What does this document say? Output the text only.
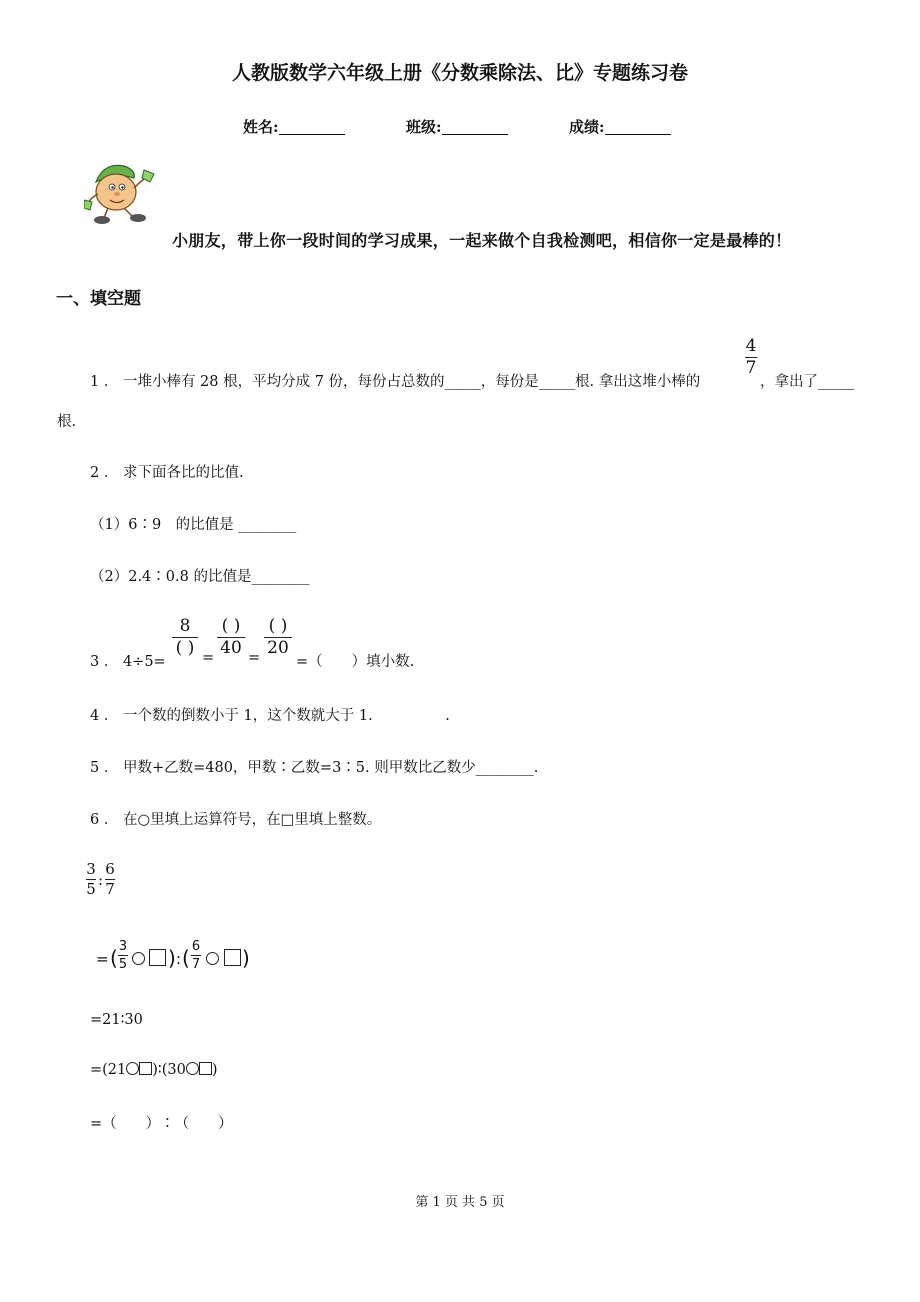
人教版数学六年级上册《分数乘除法、比》专题练习卷
姓名:	班级:	成绩:
小朋友，带上你一段时间的学习成果，一起来做个自我检测吧，相信你一定是最棒的！
一、填空题
1 ． 一堆小棒有 28 根，平均分成 7 份，每份占总数的_____，每份是_____根. 拿出这堆小棒的
4
7
，拿出了_____
根.
2 ． 求下面各比的比值.
（1）6∶9　的比值是 ________
（2）2.4∶0.8 的比值是________
3 ． 4÷5=
8
( ) =
( )
40 =
( )
20
=（　　）填小数.
4 ． 一个数的倒数小于 1，这个数就大于 1.　　　　　.
5 ． 甲数+乙数=480，甲数∶乙数=3∶5. 则甲数比乙数少________.
6 ． 在○里填上运算符号，在□里填上整数。
3
5 :
6
7
= ( 3
5 ) : ( 6
7 )
=21∶30
=(21 )∶(30 )
=（　　）∶（　　）
第 1 页 共 5 页
